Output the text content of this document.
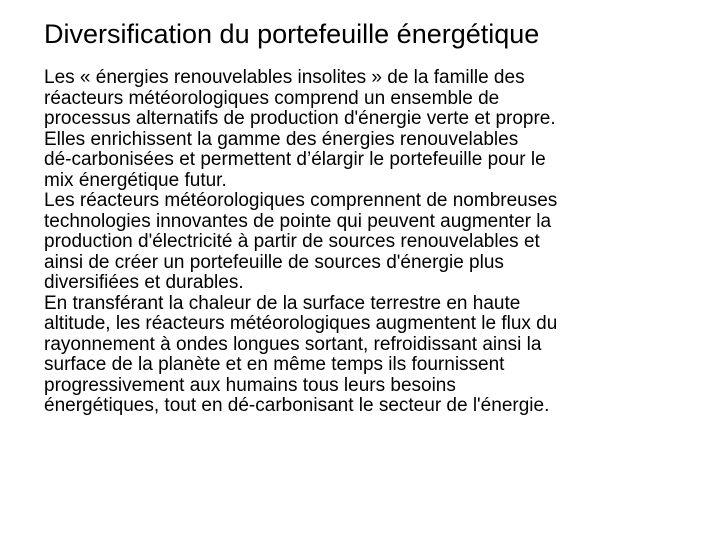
Diversification du portefeuille énergétique

Les « énergies renouvelables insolites » de la famille des
réacteurs météorologiques comprend un ensemble de
processus alternatifs de production d'énergie verte et propre.
Elles enrichissent la gamme des énergies renouvelables
dé-carbonisées et permettent d’élargir le portefeuille pour le
mix énergétique futur.

Les réacteurs météorologiques comprennent de nombreuses
technologies innovantes de pointe qui peuvent augmenter la
production d'électricité à partir de sources renouvelables et
ainsi de créer un portefeuille de sources d'énergie plus
diversifiées et durables.

En transférant la chaleur de la surface terrestre en haute
altitude, les réacteurs météorologiques augmentent le flux du
rayonnement à ondes longues sortant, refroidissant ainsi la
surface de la planète et en même temps ils fournissent
progressivement aux humains tous leurs besoins
énergétiques, tout en dé-carbonisant le secteur de l'énergie.
